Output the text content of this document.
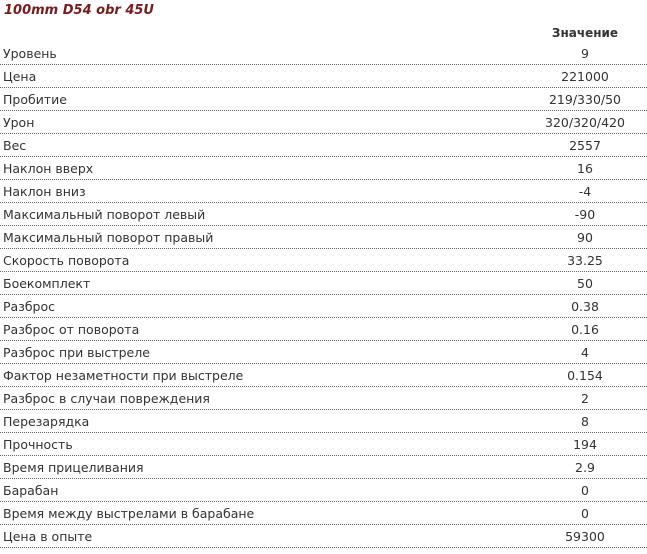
100mm D54 obr 45U
Значение
Уровень	9
Цена	221000
Пробитие	219/330/50
Урон	320/320/420
Вес	2557
Наклон вверх	16
Наклон вниз	-4
Максимальный поворот левый	-90
Максимальный поворот правый	90
Скорость поворота	33.25
Боекомплект	50
Разброс	0.38
Разброс от поворота	0.16
Разброс при выстреле	4
Фактор незаметности при выстреле	0.154
Разброс в случаи повреждения	2
Перезарядка	8
Прочность	194
Время прицеливания	2.9
Барабан	0
Время между выстрелами в барабане	0
Цена в опыте	59300
